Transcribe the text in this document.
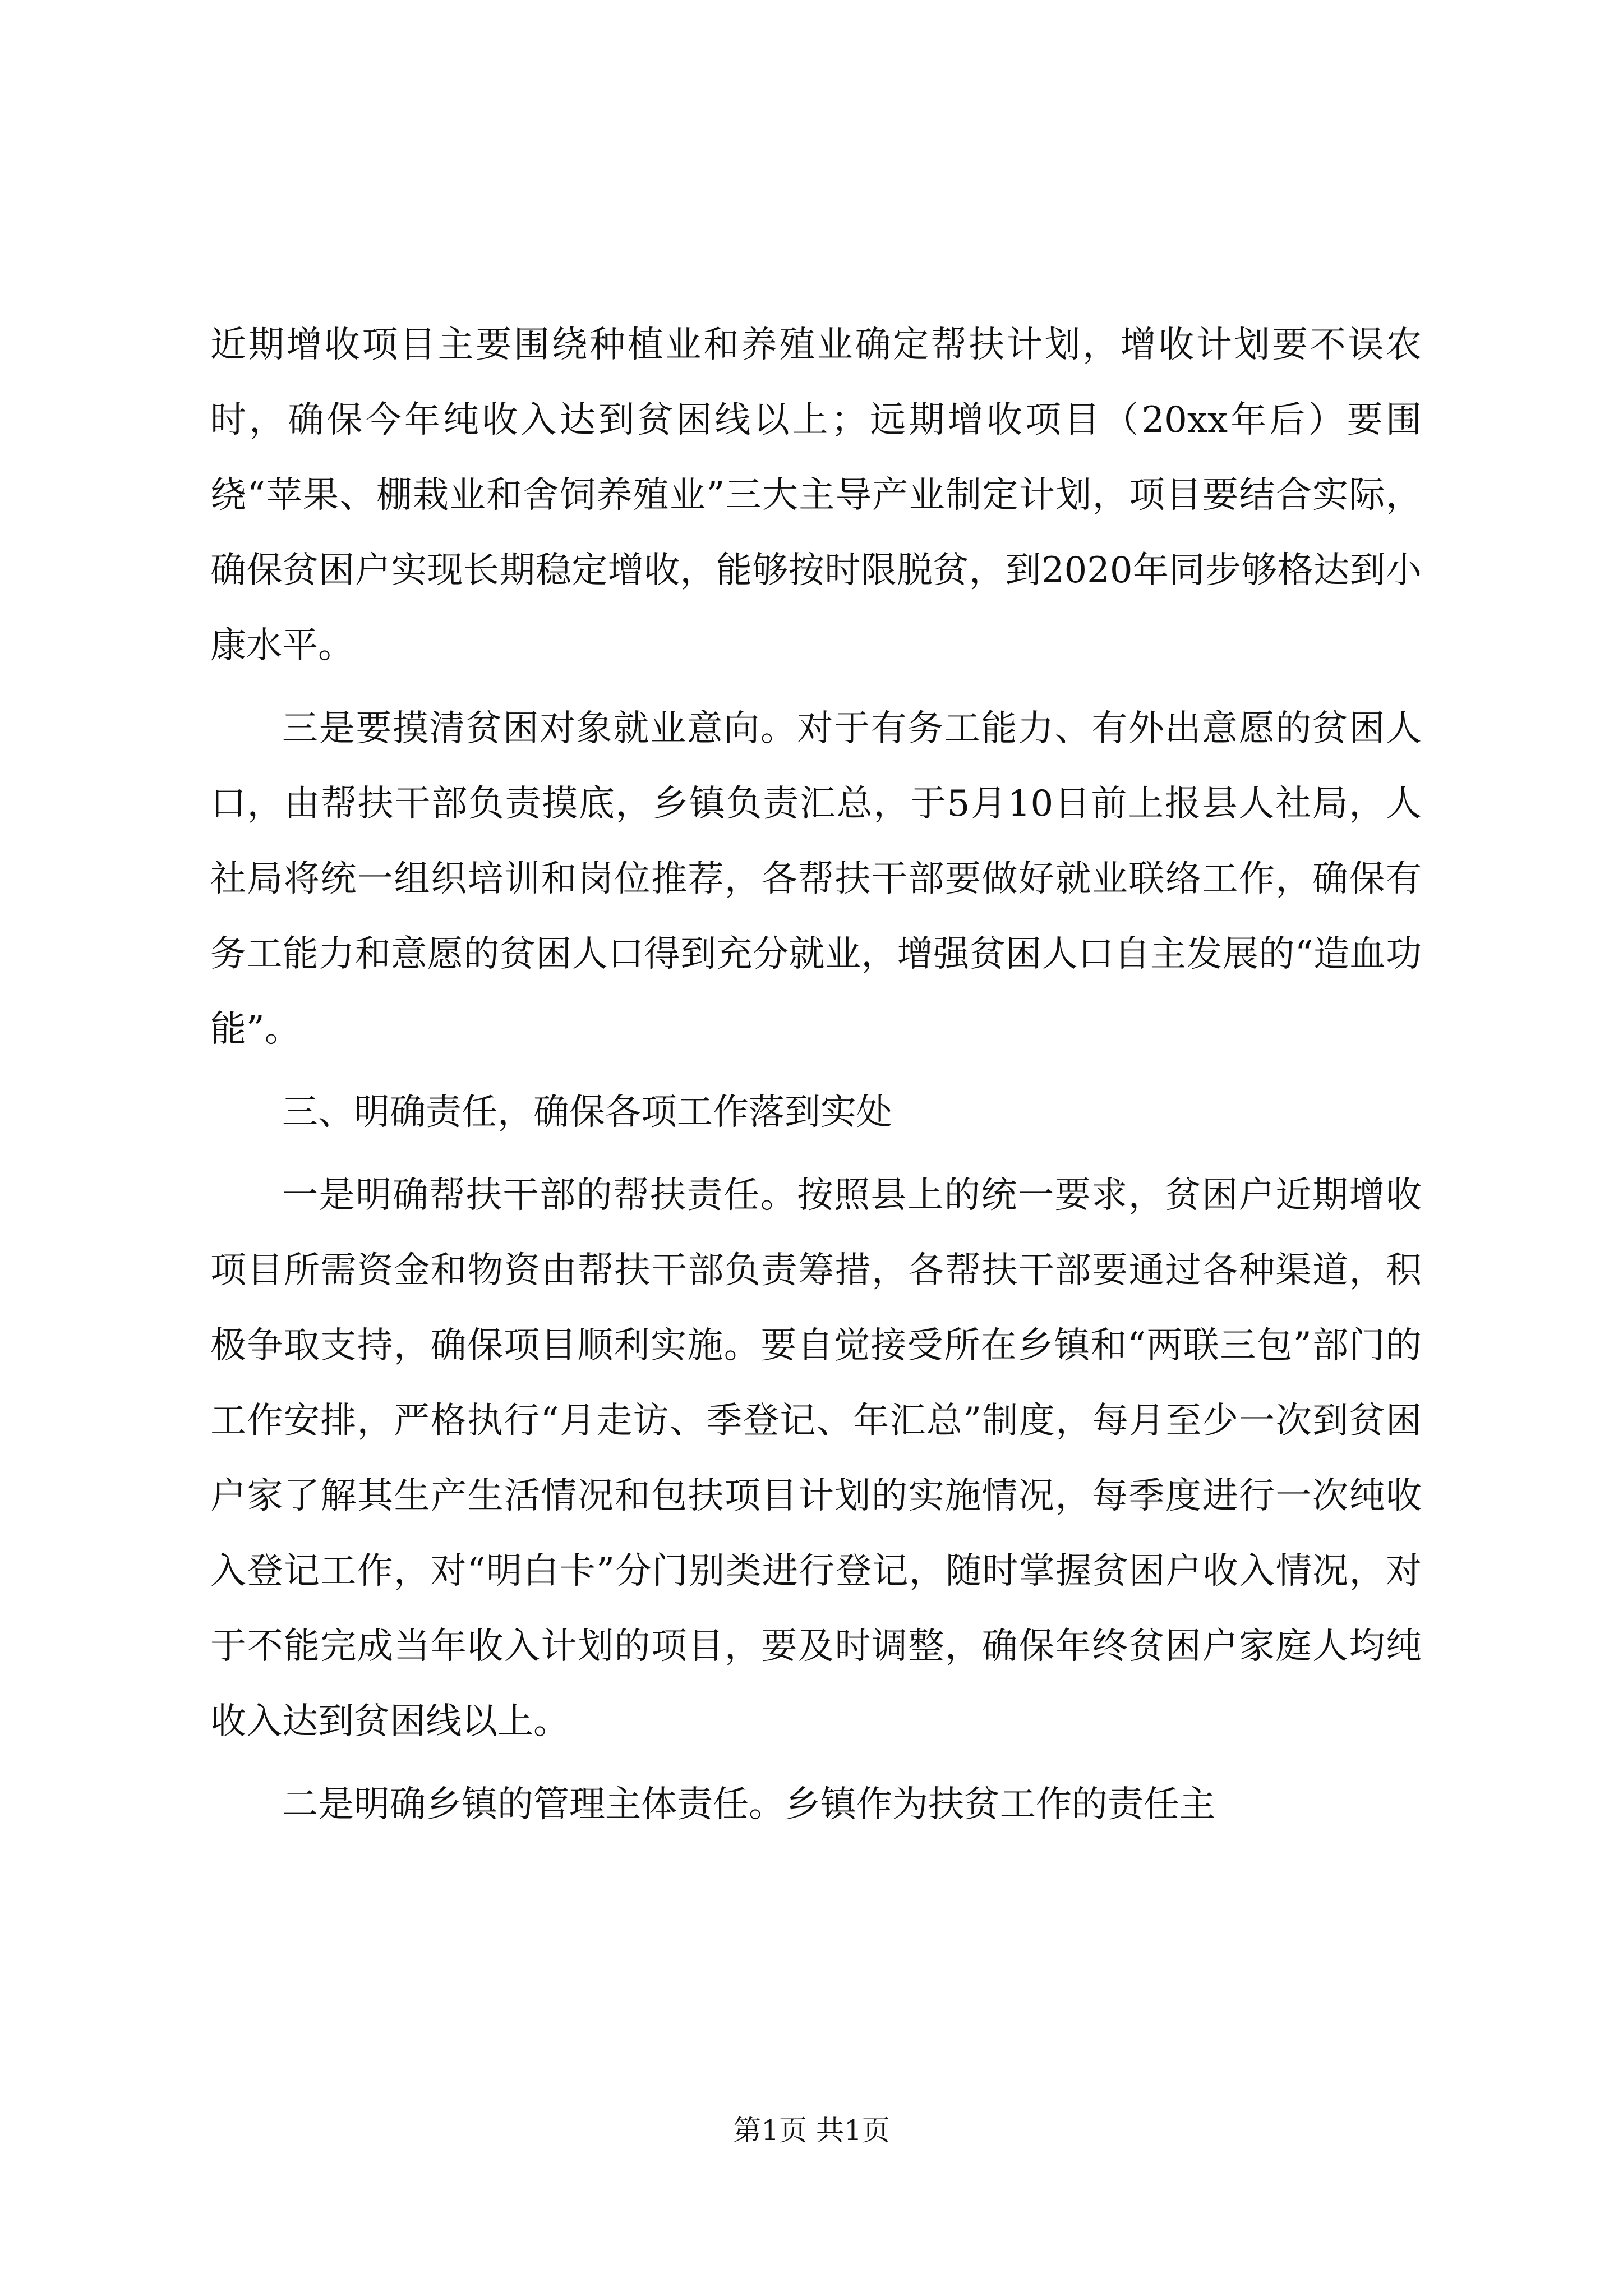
近期增收项目主要围绕种植业和养殖业确定帮扶计划，增收计划要不误农时，确保今年纯收入达到贫困线以上；远期增收项目（20xx年后）要围绕“苹果、棚栽业和舍饲养殖业”三大主导产业制定计划，项目要结合实际，确保贫困户实现长期稳定增收，能够按时限脱贫，到2020年同步够格达到小康水平。

三是要摸清贫困对象就业意向。对于有务工能力、有外出意愿的贫困人口，由帮扶干部负责摸底，乡镇负责汇总，于5月10日前上报县人社局，人社局将统一组织培训和岗位推荐，各帮扶干部要做好就业联络工作，确保有务工能力和意愿的贫困人口得到充分就业，增强贫困人口自主发展的“造血功能”。

三、明确责任，确保各项工作落到实处

一是明确帮扶干部的帮扶责任。按照县上的统一要求，贫困户近期增收项目所需资金和物资由帮扶干部负责筹措，各帮扶干部要通过各种渠道，积极争取支持，确保项目顺利实施。要自觉接受所在乡镇和“两联三包”部门的工作安排，严格执行“月走访、季登记、年汇总”制度，每月至少一次到贫困户家了解其生产生活情况和包扶项目计划的实施情况，每季度进行一次纯收入登记工作，对“明白卡”分门别类进行登记，随时掌握贫困户收入情况，对于不能完成当年收入计划的项目，要及时调整，确保年终贫困户家庭人均纯收入达到贫困线以上。

二是明确乡镇的管理主体责任。乡镇作为扶贫工作的责任主

第1页 共1页
